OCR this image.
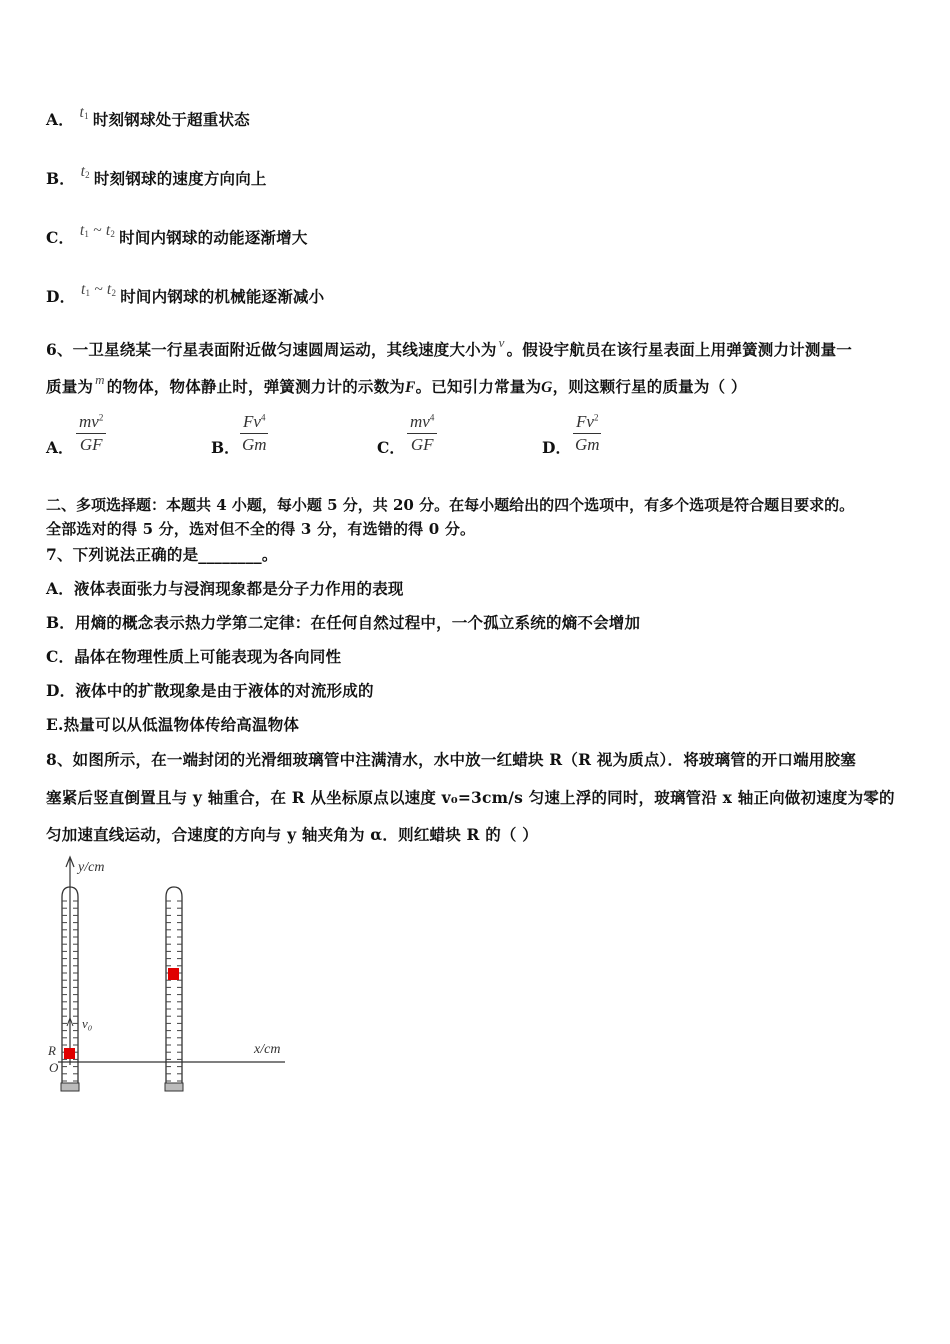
A． $t_1$ 时刻钢球处于超重状态
B． $t_2$ 时刻钢球的速度方向向上
C． $t_1$ ~ $t_2$ 时间内钢球的动能逐渐增大
D． $t_1$ ~ $t_2$ 时间内钢球的机械能逐渐减小
6、一卫星绕某一行星表面附近做匀速圆周运动，其线速度大小为 $^v$ 。假设宇航员在该行星表面上用弹簧测力计测量一
质量为 $^m$ 的物体，物体静止时，弹簧测力计的示数为F。已知引力常量为G，则这颗行星的质量为（ ）
A． $\frac{mv^2}{GF}$	B． $\frac{Fv^4}{Gm}$	C． $\frac{mv^4}{GF}$	D． $\frac{Fv^2}{Gm}$
二、多项选择题：本题共 4 小题，每小题 5 分，共 20 分。在每小题给出的四个选项中，有多个选项是符合题目要求的。
全部选对的得 5 分，选对但不全的得 3 分，有选错的得 0 分。
7、下列说法正确的是________。
A．液体表面张力与浸润现象都是分子力作用的表现
B．用熵的概念表示热力学第二定律：在任何自然过程中，一个孤立系统的熵不会增加
C．晶体在物理性质上可能表现为各向同性
D．液体中的扩散现象是由于液体的对流形成的
E.热量可以从低温物体传给高温物体
8、如图所示，在一端封闭的光滑细玻璃管中注满清水，水中放一红蜡块 R（R 视为质点）．将玻璃管的开口端用胶塞
塞紧后竖直倒置且与 y 轴重合，在 R 从坐标原点以速度 v₀=3cm/s 匀速上浮的同时，玻璃管沿 x 轴正向做初速度为零的
匀加速直线运动，合速度的方向与 y 轴夹角为 α．则红蜡块 R 的（ ）
y/cm
x/cm
v₀
R
O
